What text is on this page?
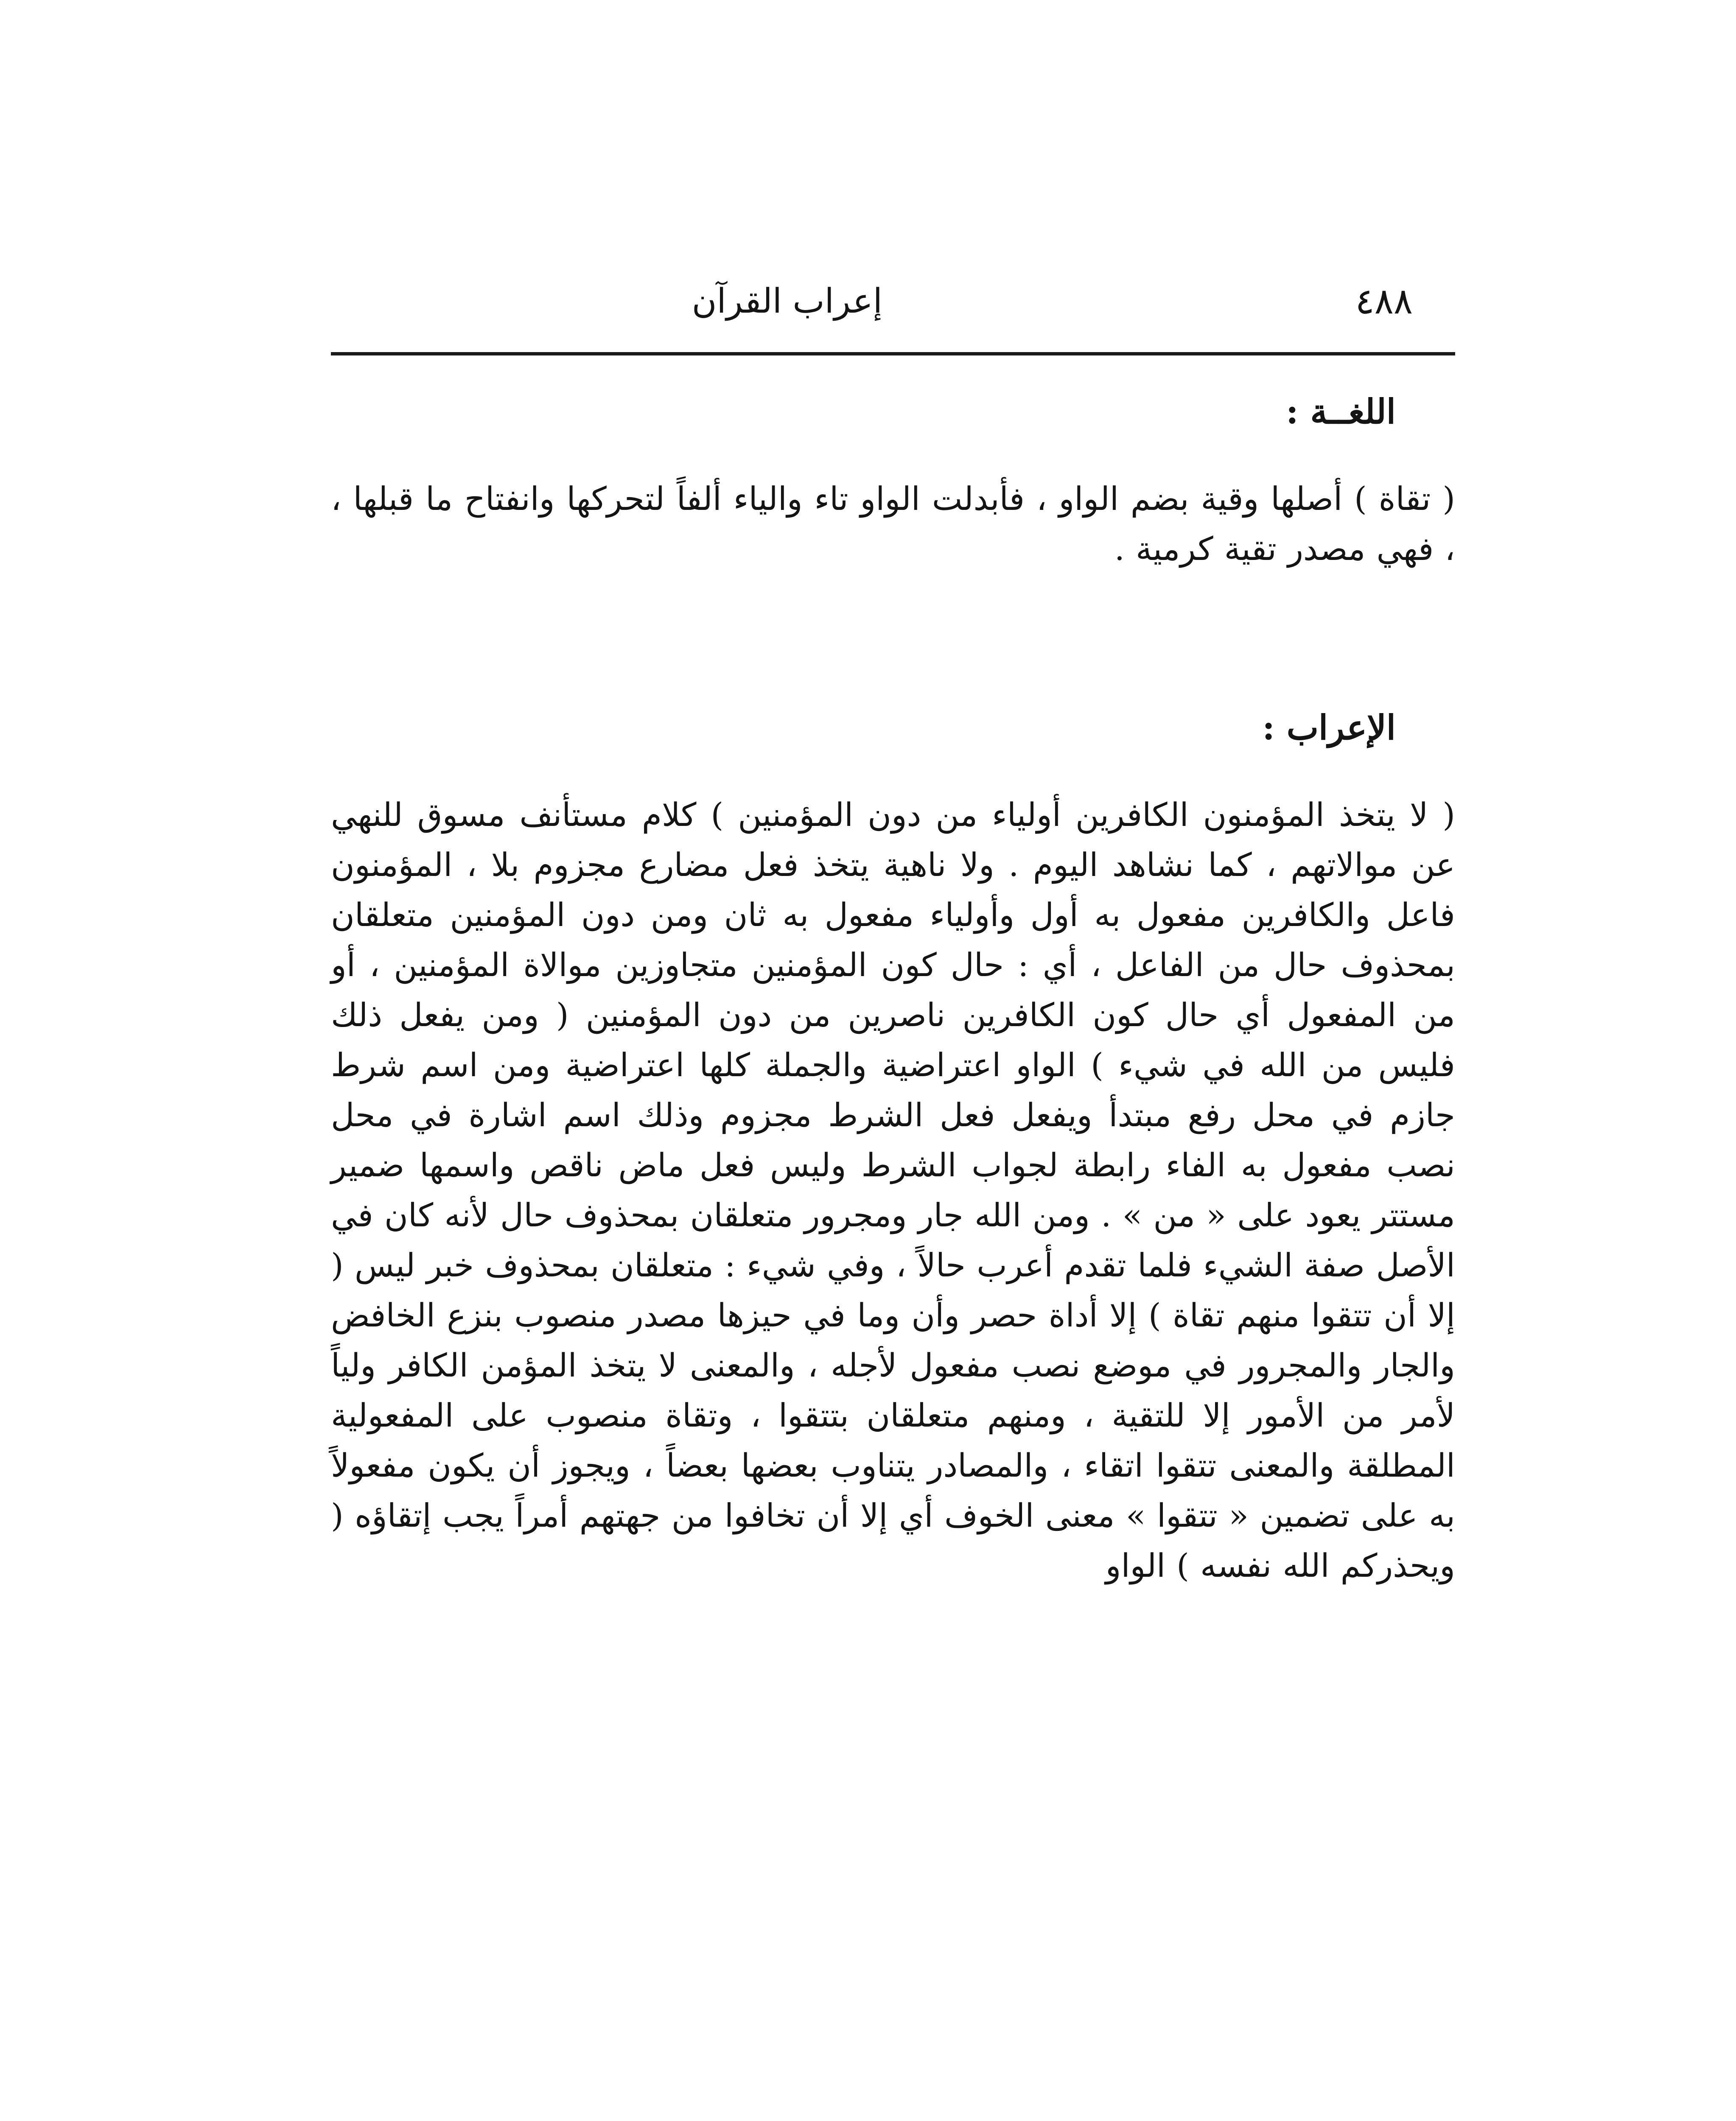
٤٨٨
إعراب القرآن
اللغــة :

( تقاة ) أصلها وقية بضم الواو ، فأبدلت الواو تاء والياء ألفاً لتحركها وانفتاح ما قبلها ، ، فهي مصدر تقية كرمية .

الإعراب :

( لا يتخذ المؤمنون الكافرين أولياء من دون المؤمنين ) كلام مستأنف مسوق للنهي عن موالاتهم ، كما نشاهد اليوم . ولا ناهية يتخذ فعل مضارع مجزوم بلا ، المؤمنون فاعل والكافرين مفعول به أول وأولياء مفعول به ثان ومن دون المؤمنين متعلقان بمحذوف حال من الفاعل ، أي : حال كون المؤمنين متجاوزين موالاة المؤمنين ، أو من المفعول أي حال كون الكافرين ناصرين من دون المؤمنين ( ومن يفعل ذلك فليس من الله في شيء ) الواو اعتراضية والجملة كلها اعتراضية ومن اسم شرط جازم في محل رفع مبتدأ ويفعل فعل الشرط مجزوم وذلك اسم اشارة في محل نصب مفعول به الفاء رابطة لجواب الشرط وليس فعل ماض ناقص واسمها ضمير مستتر يعود على « من » . ومن الله جار ومجرور متعلقان بمحذوف حال لأنه كان في الأصل صفة الشيء فلما تقدم أعرب حالاً ، وفي شيء : متعلقان بمحذوف خبر ليس ( إلا أن تتقوا منهم تقاة ) إلا أداة حصر وأن وما في حيزها مصدر منصوب بنزع الخافض والجار والمجرور في موضع نصب مفعول لأجله ، والمعنى لا يتخذ المؤمن الكافر ولياً لأمر من الأمور إلا للتقية ، ومنهم متعلقان بتتقوا ، وتقاة منصوب على المفعولية المطلقة والمعنى تتقوا اتقاء ، والمصادر يتناوب بعضها بعضاً ، ويجوز أن يكون مفعولاً به على تضمين « تتقوا » معنى الخوف أي إلا أن تخافوا من جهتهم أمراً يجب إتقاؤه ( ويحذركم الله نفسه ) الواو
